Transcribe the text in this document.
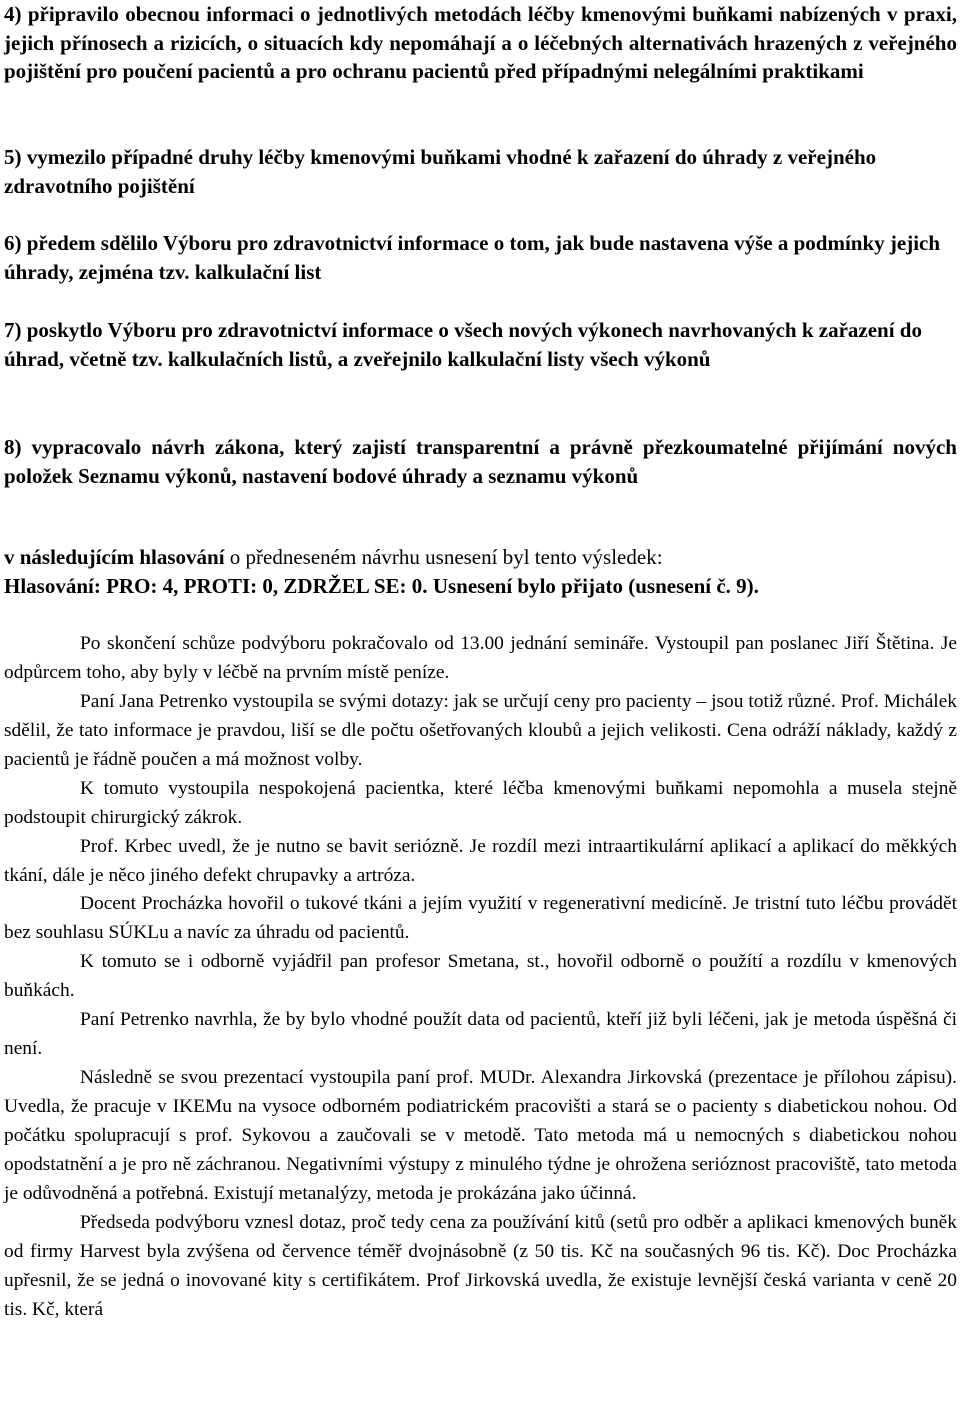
4) připravilo obecnou informaci o jednotlivých metodách léčby kmenovými buňkami nabízených v praxi, jejich přínosech a rizicích, o situacích kdy nepomáhají a o léčebných alternativách hrazených z veřejného pojištění pro poučení pacientů a pro ochranu pacientů před případnými nelegálními praktikami

5) vymezilo případné druhy léčby kmenovými buňkami vhodné k zařazení do úhrady z veřejného zdravotního pojištění

6) předem sdělilo Výboru pro zdravotnictví informace o tom, jak bude nastavena výše a podmínky jejich úhrady, zejména tzv. kalkulační list

7) poskytlo Výboru pro zdravotnictví informace o všech nových výkonech navrhovaných k zařazení do úhrad, včetně tzv. kalkulačních listů, a zveřejnilo kalkulační listy všech výkonů

8) vypracovalo návrh zákona, který zajistí transparentní a právně přezkoumatelné přijímání nových položek Seznamu výkonů, nastavení bodové úhrady a seznamu výkonů

v následujícím hlasování o předneseném návrhu usnesení byl tento výsledek:

Hlasování: PRO: 4, PROTI: 0, ZDRŽEL SE: 0. Usnesení bylo přijato (usnesení č. 9).

Po skončení schůze podvýboru pokračovalo od 13.00 jednání semináře. Vystoupil pan poslanec Jiří Štětina. Je odpůrcem toho, aby byly v léčbě na prvním místě peníze.

Paní Jana Petrenko vystoupila se svými dotazy: jak se určují ceny pro pacienty – jsou totiž různé. Prof. Michálek sdělil, že tato informace je pravdou, liší se dle počtu ošetřovaných kloubů a jejich velikosti. Cena odráží náklady, každý z pacientů je řádně poučen a má možnost volby.

K tomuto vystoupila nespokojená pacientka, které léčba kmenovými buňkami nepomohla a musela stejně podstoupit chirurgický zákrok.

Prof. Krbec uvedl, že je nutno se bavit seriózně. Je rozdíl mezi intraartikulární aplikací a aplikací do měkkých tkání, dále je něco jiného defekt chrupavky a artróza.

Docent Procházka hovořil o tukové tkáni a jejím využití v regenerativní medicíně. Je tristní tuto léčbu provádět bez souhlasu SÚKLu a navíc za úhradu od pacientů.

K tomuto se i odborně vyjádřil pan profesor Smetana, st., hovořil odborně o použítí a rozdílu v kmenových buňkách.

Paní Petrenko navrhla, že by bylo vhodné použít data od pacientů, kteří již byli léčeni, jak je metoda úspěšná či není.

Následně se svou prezentací vystoupila paní prof. MUDr. Alexandra Jirkovská (prezentace je přílohou zápisu). Uvedla, že pracuje v IKEMu na vysoce odborném podiatrickém pracovišti a stará se o pacienty s diabetickou nohou. Od počátku spolupracují s prof. Sykovou a zaučovali se v metodě. Tato metoda má u nemocných s diabetickou nohou opodstatnění a je pro ně záchranou. Negativními výstupy z minulého týdne je ohrožena serióznost pracoviště, tato metoda je odůvodněná a potřebná. Existují metanalýzy, metoda je prokázána jako účinná.

Předseda podvýboru vznesl dotaz, proč tedy cena za používání kitů (setů pro odběr a aplikaci kmenových buněk od firmy Harvest byla zvýšena od července téměř dvojnásobně (z 50 tis. Kč na současných 96 tis. Kč). Doc Procházka upřesnil, že se jedná o inovované kity s certifikátem. Prof Jirkovská uvedla, že existuje levnější česká varianta v ceně 20 tis. Kč, která
